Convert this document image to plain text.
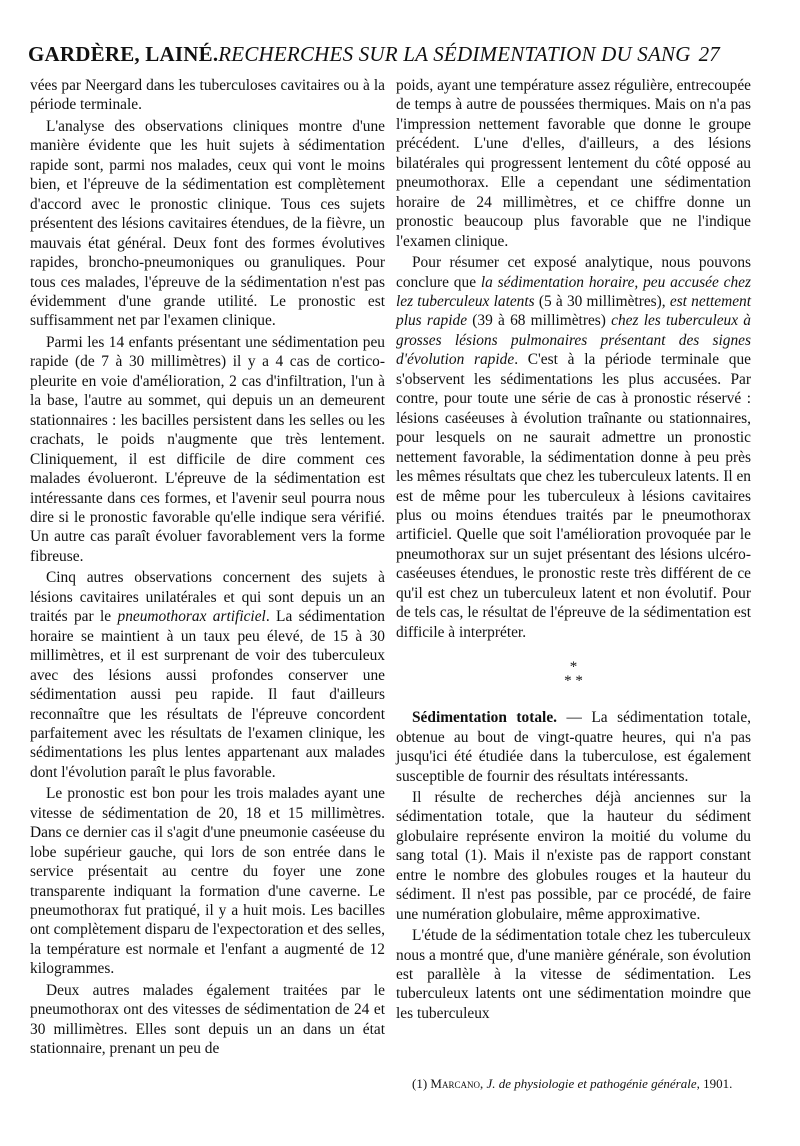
GARDÈRE, LAINÉ.RECHERCHES SUR LA SÉDIMENTATION DU SANG 27

vées par Neergard dans les tuberculoses cavitaires ou à la période terminale.

L'analyse des observations cliniques montre d'une manière évidente que les huit sujets à sédimentation rapide sont, parmi nos malades, ceux qui vont le moins bien, et l'épreuve de la sédimentation est complètement d'accord avec le pronostic clinique. Tous ces sujets présentent des lésions cavitaires étendues, de la fièvre, un mauvais état général. Deux font des formes évolutives rapides, broncho-pneumoniques ou granuliques. Pour tous ces malades, l'épreuve de la sédimentation n'est pas évidemment d'une grande utilité. Le pronostic est suffisamment net par l'examen clinique.

Parmi les 14 enfants présentant une sédimentation peu rapide (de 7 à 30 millimètres) il y a 4 cas de cortico-pleurite en voie d'amélioration, 2 cas d'infiltration, l'un à la base, l'autre au sommet, qui depuis un an demeurent stationnaires : les bacilles persistent dans les selles ou les crachats, le poids n'augmente que très lentement. Cliniquement, il est difficile de dire comment ces malades évolueront. L'épreuve de la sédimentation est intéressante dans ces formes, et l'avenir seul pourra nous dire si le pronostic favorable qu'elle indique sera vérifié. Un autre cas paraît évoluer favorablement vers la forme fibreuse.

Cinq autres observations concernent des sujets à lésions cavitaires unilatérales et qui sont depuis un an traités par le pneumothorax artificiel. La sédimentation horaire se maintient à un taux peu élevé, de 15 à 30 millimètres, et il est surprenant de voir des tuberculeux avec des lésions aussi profondes conserver une sédimentation aussi peu rapide. Il faut d'ailleurs reconnaître que les résultats de l'épreuve concordent parfaitement avec les résultats de l'examen clinique, les sédimentations les plus lentes appartenant aux malades dont l'évolution paraît le plus favorable.

Le pronostic est bon pour les trois malades ayant une vitesse de sédimentation de 20, 18 et 15 millimètres. Dans ce dernier cas il s'agit d'une pneumonie caséeuse du lobe supérieur gauche, qui lors de son entrée dans le service présentait au centre du foyer une zone transparente indiquant la formation d'une caverne. Le pneumothorax fut pratiqué, il y a huit mois. Les bacilles ont complètement disparu de l'expectoration et des selles, la température est normale et l'enfant a augmenté de 12 kilogrammes.

Deux autres malades également traitées par le pneumothorax ont des vitesses de sédimentation de 24 et 30 millimètres. Elles sont depuis un an dans un état stationnaire, prenant un peu de

poids, ayant une température assez régulière, entrecoupée de temps à autre de poussées thermiques. Mais on n'a pas l'impression nettement favorable que donne le groupe précédent. L'une d'elles, d'ailleurs, a des lésions bilatérales qui progressent lentement du côté opposé au pneumothorax. Elle a cependant une sédimentation horaire de 24 millimètres, et ce chiffre donne un pronostic beaucoup plus favorable que ne l'indique l'examen clinique.

Pour résumer cet exposé analytique, nous pouvons conclure que la sédimentation horaire, peu accusée chez lez tuberculeux latents (5 à 30 millimètres), est nettement plus rapide (39 à 68 millimètres) chez les tuberculeux à grosses lésions pulmonaires présentant des signes d'évolution rapide. C'est à la période terminale que s'observent les sédimentations les plus accusées. Par contre, pour toute une série de cas à pronostic réservé : lésions caséeuses à évolution traînante ou stationnaires, pour lesquels on ne saurait admettre un pronostic nettement favorable, la sédimentation donne à peu près les mêmes résultats que chez les tuberculeux latents. Il en est de même pour les tuberculeux à lésions cavitaires plus ou moins étendues traités par le pneumothorax artificiel. Quelle que soit l'amélioration provoquée par le pneumothorax sur un sujet présentant des lésions ulcéro-caséeuses étendues, le pronostic reste très différent de ce qu'il est chez un tuberculeux latent et non évolutif. Pour de tels cas, le résultat de l'épreuve de la sédimentation est difficile à interpréter.

*
* *

Sédimentation totale. — La sédimentation totale, obtenue au bout de vingt-quatre heures, qui n'a pas jusqu'ici été étudiée dans la tuberculose, est également susceptible de fournir des résultats intéressants.

Il résulte de recherches déjà anciennes sur la sédimentation totale, que la hauteur du sédiment globulaire représente environ la moitié du volume du sang total (1). Mais il n'existe pas de rapport constant entre le nombre des globules rouges et la hauteur du sédiment. Il n'est pas possible, par ce procédé, de faire une numération globulaire, même approximative.

L'étude de la sédimentation totale chez les tuberculeux nous a montré que, d'une manière générale, son évolution est parallèle à la vitesse de sédimentation. Les tuberculeux latents ont une sédimentation moindre que les tuberculeux

(1) Marcano, J. de physiologie et pathogénie générale, 1901.
